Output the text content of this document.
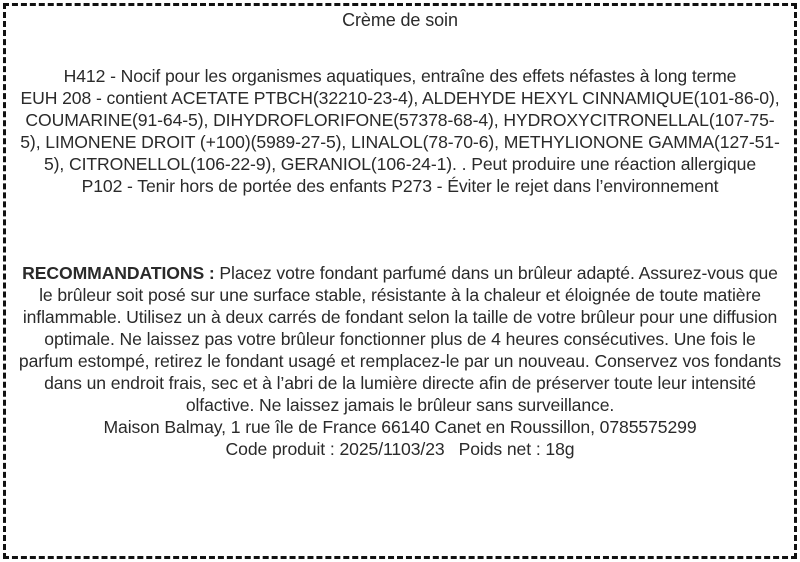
Crème de soin
H412 - Nocif pour les organismes aquatiques, entraîne des effets néfastes à long terme
EUH 208 - contient ACETATE PTBCH(32210-23-4), ALDEHYDE HEXYL CINNAMIQUE(101-86-0), COUMARINE(91-64-5), DIHYDROFLORIFONE(57378-68-4), HYDROXYCITRONELLAL(107-75-5), LIMONENE DROIT (+100)(5989-27-5), LINALOL(78-70-6), METHYLIONONE GAMMA(127-51-5), CITRONELLOL(106-22-9), GERANIOL(106-24-1). . Peut produire une réaction allergique
P102 - Tenir hors de portée des enfants P273 - Éviter le rejet dans l’environnement
RECOMMANDATIONS : Placez votre fondant parfumé dans un brûleur adapté. Assurez-vous que le brûleur soit posé sur une surface stable, résistante à la chaleur et éloignée de toute matière inflammable. Utilisez un à deux carrés de fondant selon la taille de votre brûleur pour une diffusion optimale. Ne laissez pas votre brûleur fonctionner plus de 4 heures consécutives. Une fois le parfum estompé, retirez le fondant usagé et remplacez-le par un nouveau. Conservez vos fondants dans un endroit frais, sec et à l’abri de la lumière directe afin de préserver toute leur intensité olfactive. Ne laissez jamais le brûleur sans surveillance.
Maison Balmay, 1 rue île de France 66140 Canet en Roussillon, 0785575299
Code produit : 2025/1103/23 Poids net : 18g
